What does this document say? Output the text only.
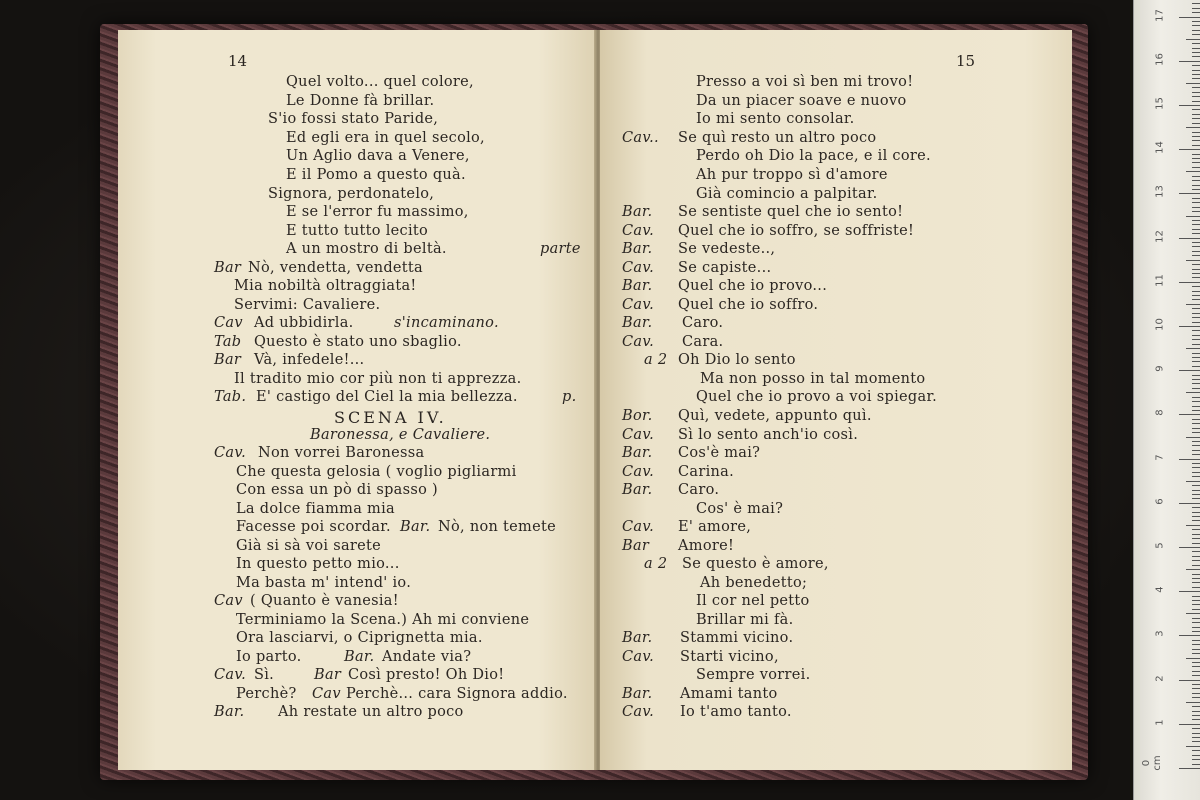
14
Quel volto... quel colore,
Le Donne fà brillar.
S'io fossi stato Paride,
Ed egli era in quel secolo,
Un Aglio dava a Venere,
E il Pomo a questo quà.
Signora, perdonatelo,
E se l'error fu massimo,
E tutto tutto lecito
A un mostro di beltà.	parte
Bar Nò, vendetta, vendetta
Mia nobiltà oltraggiata!
Servimi: Cavaliere.
Cav Ad ubbidirla.	s'incaminano.
Tab Questo è stato uno sbaglio.
Bar Và, infedele!...
Il tradito mio cor più non ti apprezza.
Tab. E' castigo del Ciel la mia bellezza.	p.
SCENA IV.
Baronessa, e Cavaliere.
Cav. Non vorrei Baronessa
Che questa gelosia ( voglio pigliarmi
Con essa un pò di spasso )
La dolce fiamma mia
Facesse poi scordar. Bar. Nò, non temete
Già si sà voi sarete
In questo petto mio...
Ma basta m' intend' io.
Cav ( Quanto è vanesia!
Terminiamo la Scena.) Ah mi conviene
Ora lasciarvi, o Ciprignetta mia.
Io parto.	Bar. Andate via?
Cav. Sì.	Bar Così presto! Oh Dio!
Perchè? Cav Perchè... cara Signora addio.
Bar. Ah restate un altro poco
15
Presso a voi sì ben mi trovo!
Da un piacer soave e nuovo
Io mi sento consolar.
Cav.. Se quì resto un altro poco
Perdo oh Dio la pace, e il core.
Ah pur troppo sì d'amore
Già comincio a palpitar.
Bar. Se sentiste quel che io sento!
Cav. Quel che io soffro, se soffriste!
Bar. Se vedeste..,
Cav. Se capiste...
Bar. Quel che io provo...
Cav. Quel che io soffro.
Bar. Caro.
Cav. Cara.
a 2 Oh Dio lo sento
Ma non posso in tal momento
Quel che io provo a voi spiegar.
Bor. Quì, vedete, appunto quì.
Cav. Sì lo sento anch'io così.
Bar. Cos'è mai?
Cav. Carina.
Bar. Caro.
Cos' è mai?
Cav. E' amore,
Bar Amore!
a 2 Se questo è amore,
Ah benedetto;
Il cor nel petto
Brillar mi fà.
Bar. Stammi vicino.
Cav. Starti vicino,
Sempre vorrei.
Bar. Amami tanto
Cav. Io t'amo tanto.
0 cm
1
2
3
4
5
6
7
8
9
10
11
12
13
14
15
16
17
